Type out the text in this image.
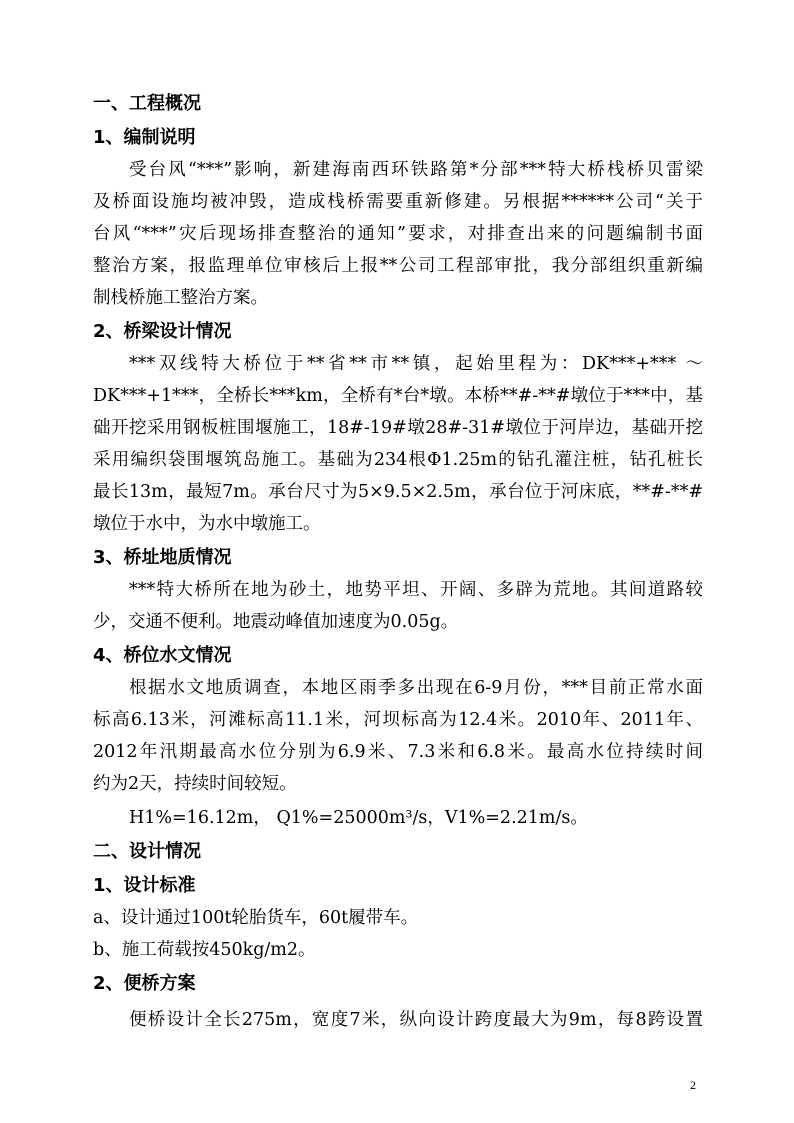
一、工程概况
1、编制说明
受台风“***”影响，新建海南西环铁路第*分部***特大桥栈桥贝雷梁
及桥面设施均被冲毁，造成栈桥需要重新修建。另根据******公司“关于
台风“***”灾后现场排查整治的通知”要求，对排查出来的问题编制书面
整治方案，报监理单位审核后上报**公司工程部审批，我分部组织重新编
制栈桥施工整治方案。
2、桥梁设计情况
***双线特大桥位于**省**市**镇，起始里程为：DK***+*** ～
DK***+1***，全桥长***km，全桥有*台*墩。本桥**#-**#墩位于***中，基
础开挖采用钢板桩围堰施工，18#-19#墩28#-31#墩位于河岸边，基础开挖
采用编织袋围堰筑岛施工。基础为234根Φ1.25m的钻孔灌注桩，钻孔桩长
最长13m，最短7m。承台尺寸为5×9.5×2.5m，承台位于河床底，**#-**#
墩位于水中，为水中墩施工。
3、桥址地质情况
***特大桥所在地为砂土，地势平坦、开阔、多辟为荒地。其间道路较
少，交通不便利。地震动峰值加速度为0.05g。
4、桥位水文情况
根据水文地质调查，本地区雨季多出现在6-9月份，***目前正常水面
标高6.13米，河滩标高11.1米，河坝标高为12.4米。2010年、2011年、
2012年汛期最高水位分别为6.9米、7.3米和6.8米。最高水位持续时间
约为2天，持续时间较短。
H1%=16.12m， Q1%=25000m³/s，V1%=2.21m/s。
二、设计情况
1、设计标准
a、设计通过100t轮胎货车，60t履带车。
b、施工荷载按450kg/m2。
2、便桥方案
便桥设计全长275m，宽度7米，纵向设计跨度最大为9m，每8跨设置
2
